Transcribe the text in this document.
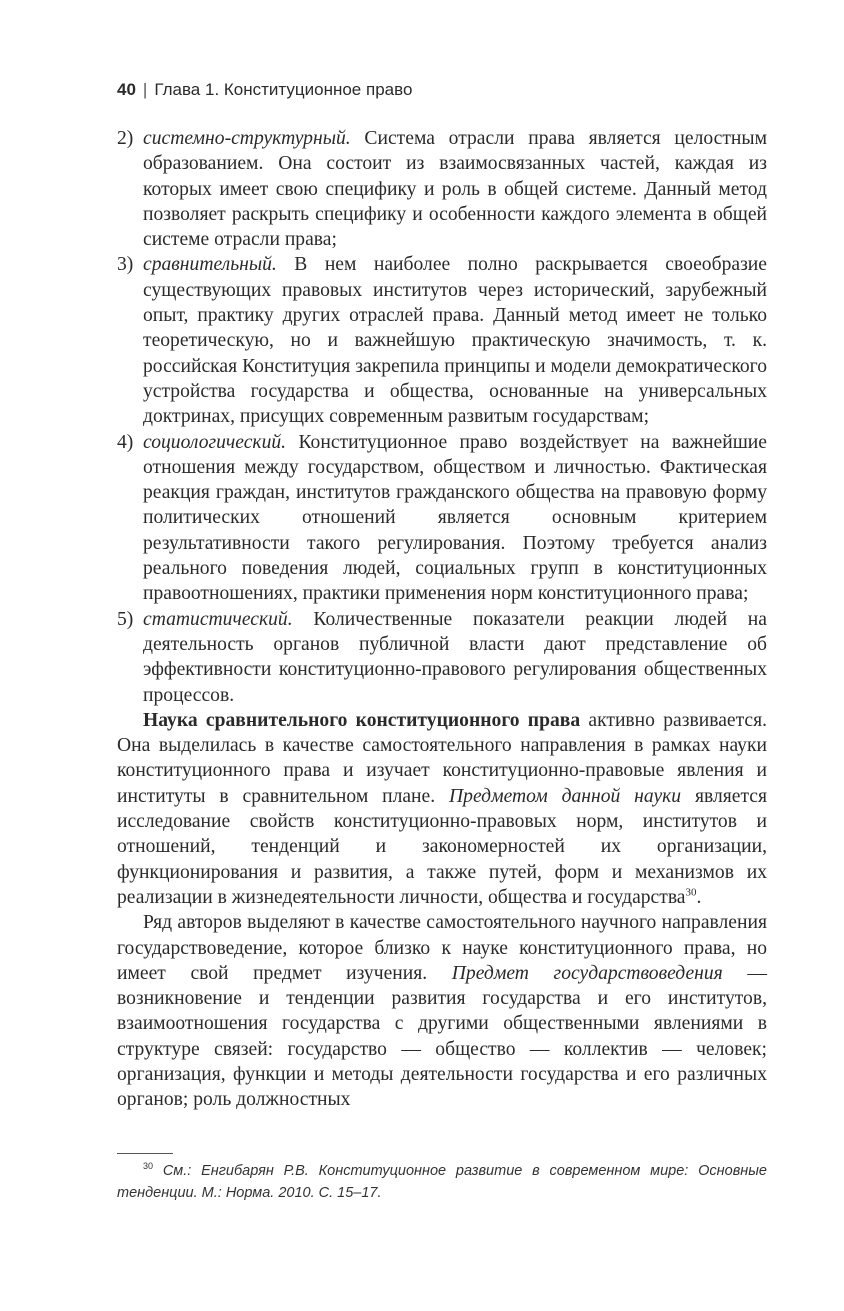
40 | Глава 1. Конституционное право
2) системно-структурный. Система отрасли права является целостным образованием. Она состоит из взаимосвязанных частей, каждая из которых имеет свою специфику и роль в общей системе. Данный метод позволяет раскрыть специфику и особенности каждого элемента в общей системе отрасли права;

3) сравнительный. В нем наиболее полно раскрывается своеобразие существующих правовых институтов через исторический, зарубежный опыт, практику других отраслей права. Данный метод имеет не только теоретическую, но и важнейшую практическую значимость, т. к. российская Конституция закрепила принципы и модели демократического устройства государства и общества, основанные на универсальных доктринах, присущих современным развитым государствам;

4) социологический. Конституционное право воздействует на важнейшие отношения между государством, обществом и личностью. Фактическая реакция граждан, институтов гражданского общества на правовую форму политических отношений является основным критерием результативности такого регулирования. Поэтому требуется анализ реального поведения людей, социальных групп в конституционных правоотношениях, практики применения норм конституционного права;

5) статистический. Количественные показатели реакции людей на деятельность органов публичной власти дают представление об эффективности конституционно-правового регулирования общественных процессов.

Наука сравнительного конституционного права активно развивается. Она выделилась в качестве самостоятельного направления в рамках науки конституционного права и изучает конституционно-правовые явления и институты в сравнительном плане. Предметом данной науки является исследование свойств конституционно-правовых норм, институтов и отношений, тенденций и закономерностей их организации, функционирования и развития, а также путей, форм и механизмов их реализации в жизнедеятельности личности, общества и государства$^{30}$.

Ряд авторов выделяют в качестве самостоятельного научного направления государствоведение, которое близко к науке конституционного права, но имеет свой предмет изучения. Предмет государствоведения — возникновение и тенденции развития государства и его институтов, взаимоотношения государства с другими общественными явлениями в структуре связей: государство — общество — коллектив — человек; организация, функции и методы деятельности государства и его различных органов; роль должностных

$^{30}$ См.: Енгибарян Р.В. Конституционное развитие в современном мире: Основные тенденции. М.: Норма. 2010. С. 15–17.
